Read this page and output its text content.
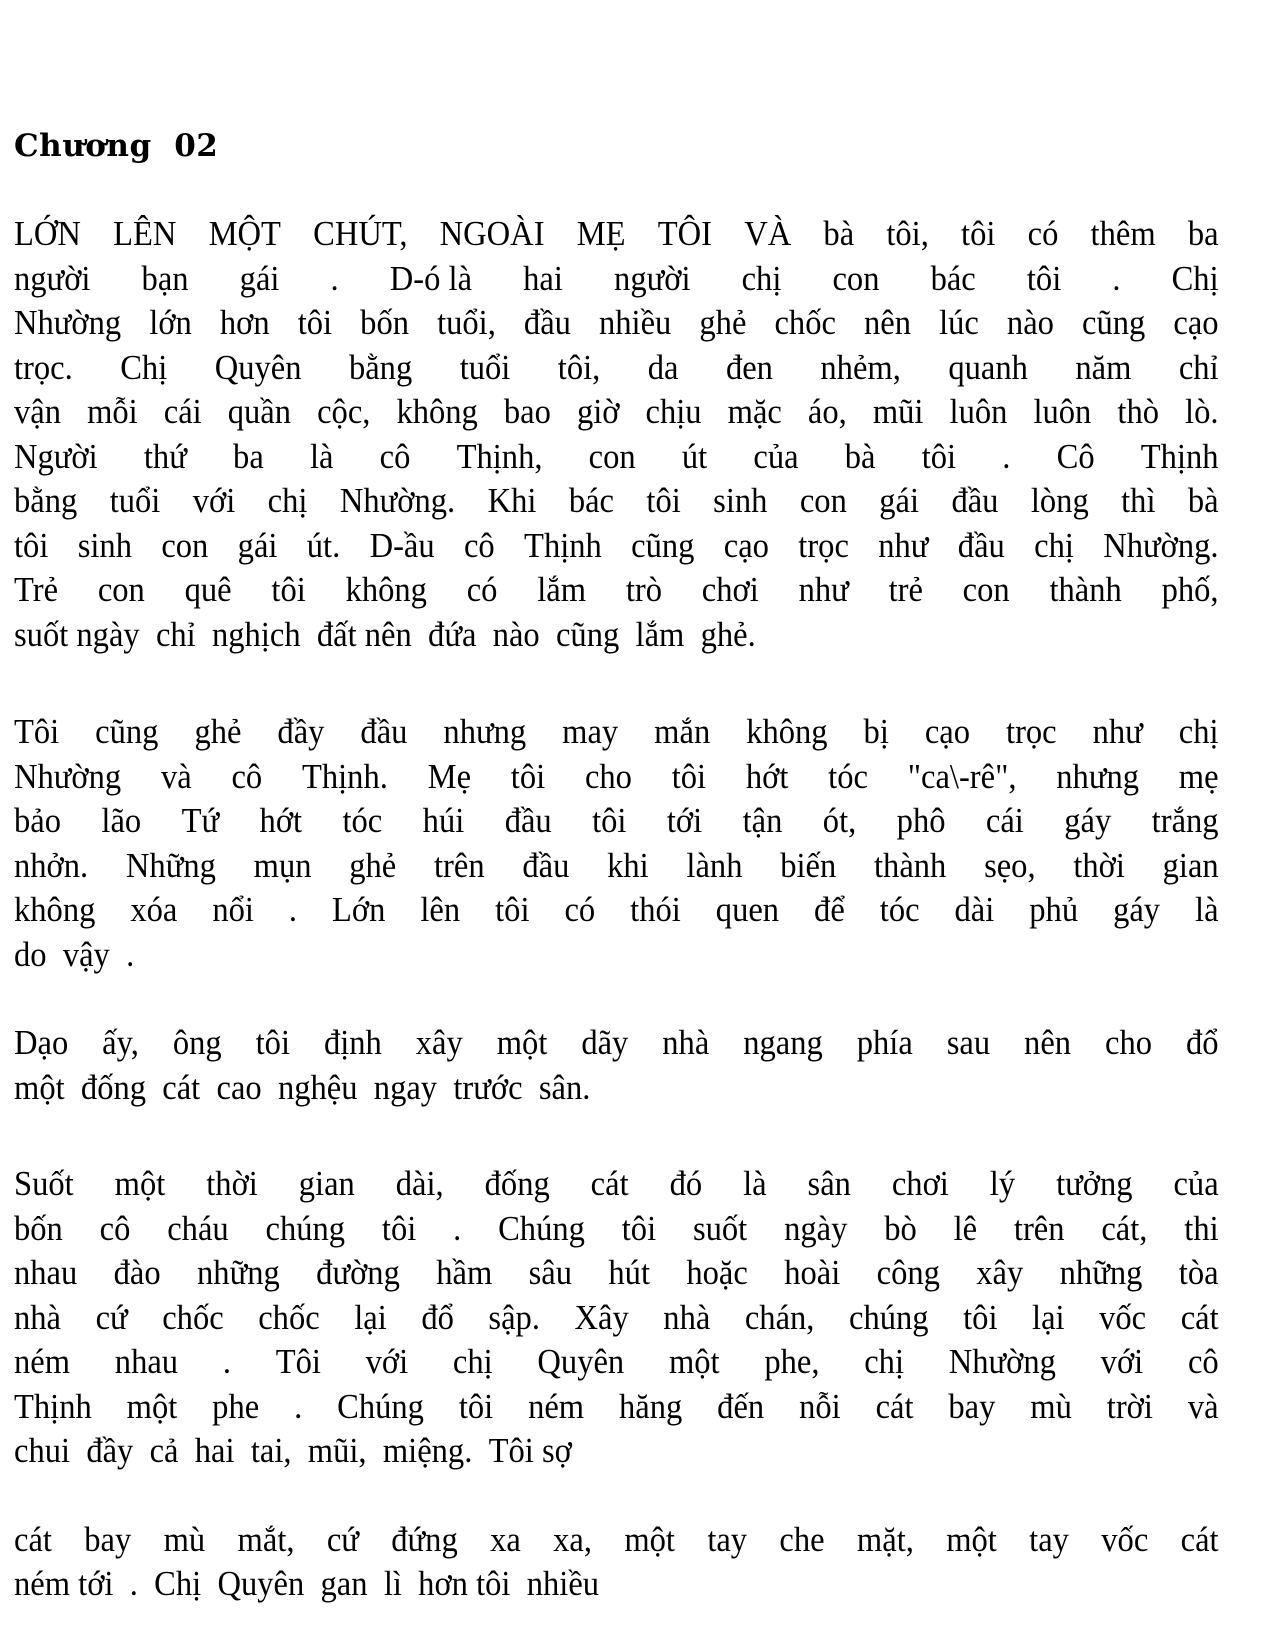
Chương  02
LỚN LÊN MỘT CHÚT, NGOÀI MẸ TÔI VÀ bà tôi, tôi có thêm ba
người bạn gái . D-ó là hai người chị con bác tôi . Chị
Nhường lớn hơn tôi bốn tuổi, đầu nhiều ghẻ chốc nên lúc nào cũng cạo
trọc. Chị Quyên bằng tuổi tôi, da đen nhẻm, quanh năm chỉ
vận mỗi cái quần cộc, không bao giờ chịu mặc áo, mũi luôn luôn thò lò.
Người thứ ba là cô Thịnh, con út của bà tôi . Cô Thịnh
bằng tuổi với chị Nhường. Khi bác tôi sinh con gái đầu lòng thì bà
tôi sinh con gái út. D-ầu cô Thịnh cũng cạo trọc như đầu chị Nhường.
Trẻ con quê tôi không có lắm trò chơi như trẻ con thành phố,
suốt ngày
chỉ
nghịch
đất nên
đứa
nào
cũng
lắm
ghẻ.
Tôi cũng ghẻ đầy đầu nhưng may mắn không bị cạo trọc như chị
Nhường và cô Thịnh. Mẹ tôi cho tôi hớt tóc "ca\-rê", nhưng mẹ
bảo lão Tứ hớt tóc húi đầu tôi tới tận ót, phô cái gáy trắng
nhởn. Những mụn ghẻ trên đầu khi lành biến thành sẹo, thời gian
không xóa nổi . Lớn lên tôi có thói quen để tóc dài phủ gáy là
do
vậy
.
Dạo ấy, ông tôi định xây một dãy nhà ngang phía sau nên cho đổ
một
đống
cát
cao
nghệu
ngay
trước
sân.
Suốt một thời gian dài, đống cát đó là sân chơi lý tưởng của
bốn cô cháu chúng tôi . Chúng tôi suốt ngày bò lê trên cát, thi
nhau đào những đường hầm sâu hút hoặc hoài công xây những tòa
nhà cứ chốc chốc lại đổ sập. Xây nhà chán, chúng tôi lại vốc cát
ném nhau . Tôi với chị Quyên một phe, chị Nhường với cô
Thịnh một phe . Chúng tôi ném hăng đến nỗi cát bay mù trời và
chui
đầy
cả
hai
tai,
mũi,
miệng.
Tôi sợ
cát bay mù mắt, cứ đứng xa xa, một tay che mặt, một tay vốc cát
ném tới
.
Chị
Quyên
gan
lì
hơn tôi
nhiều
